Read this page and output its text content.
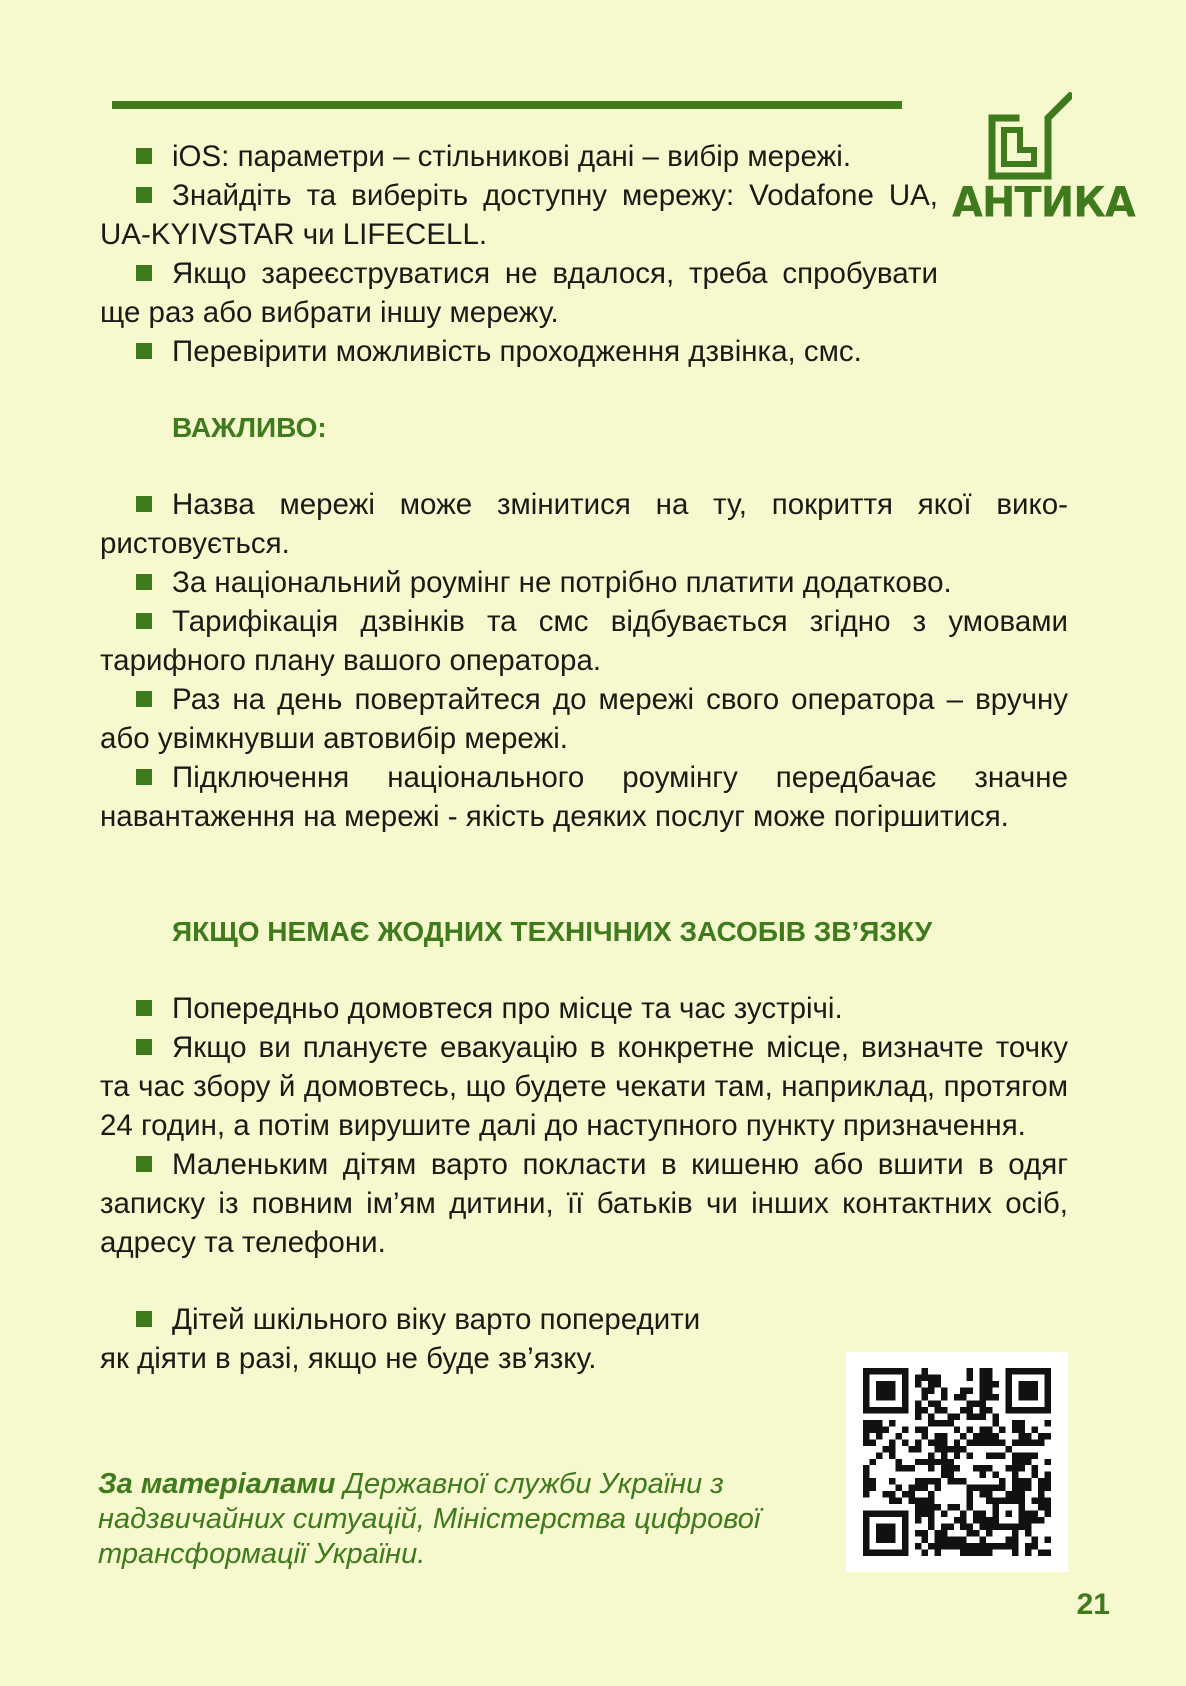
АНТИКА

iOS: параметри – стільникові дані – вибір мережі.

Знайдіть та виберіть доступну мережу: Vodafone UA, UA-KYIVSTAR чи LIFECELL.

Якщо зареєструватися не вдалося, треба спробувати ще раз або вибрати іншу мережу.

Перевірити можливість проходження дзвінка, смс.

ВАЖЛИВО:

Назва мережі може змінитися на ту, покриття якої використовується.

За національний роумінг не потрібно платити додатково.

Тарифікація дзвінків та смс відбувається згідно з умовами тарифного плану вашого оператора.

Раз на день повертайтеся до мережі свого оператора – вручну або увімкнувши автовибір мережі.

Підключення національного роумінгу передбачає значне навантаження на мережі - якість деяких послуг може погіршитися.

ЯКЩО НЕМАЄ ЖОДНИХ ТЕХНІЧНИХ ЗАСОБІВ ЗВ’ЯЗКУ

Попередньо домовтеся про місце та час зустрічі.

Якщо ви плануєте евакуацію в конкретне місце, визначте точку та час збору й домовтесь, що будете чекати там, наприклад, протягом 24 годин, а потім вирушите далі до наступного пункту призначення.

Маленьким дітям варто покласти в кишеню або вшити в одяг записку із повним ім’ям дитини, її батьків чи інших контактних осіб, адресу та телефони.

Дітей шкільного віку варто попередити

як діяти в разі, якщо не буде зв’язку.

За матеріалами Державної служби України з надзвичайних ситуацій, Міністерства цифрової трансформації України.
21
